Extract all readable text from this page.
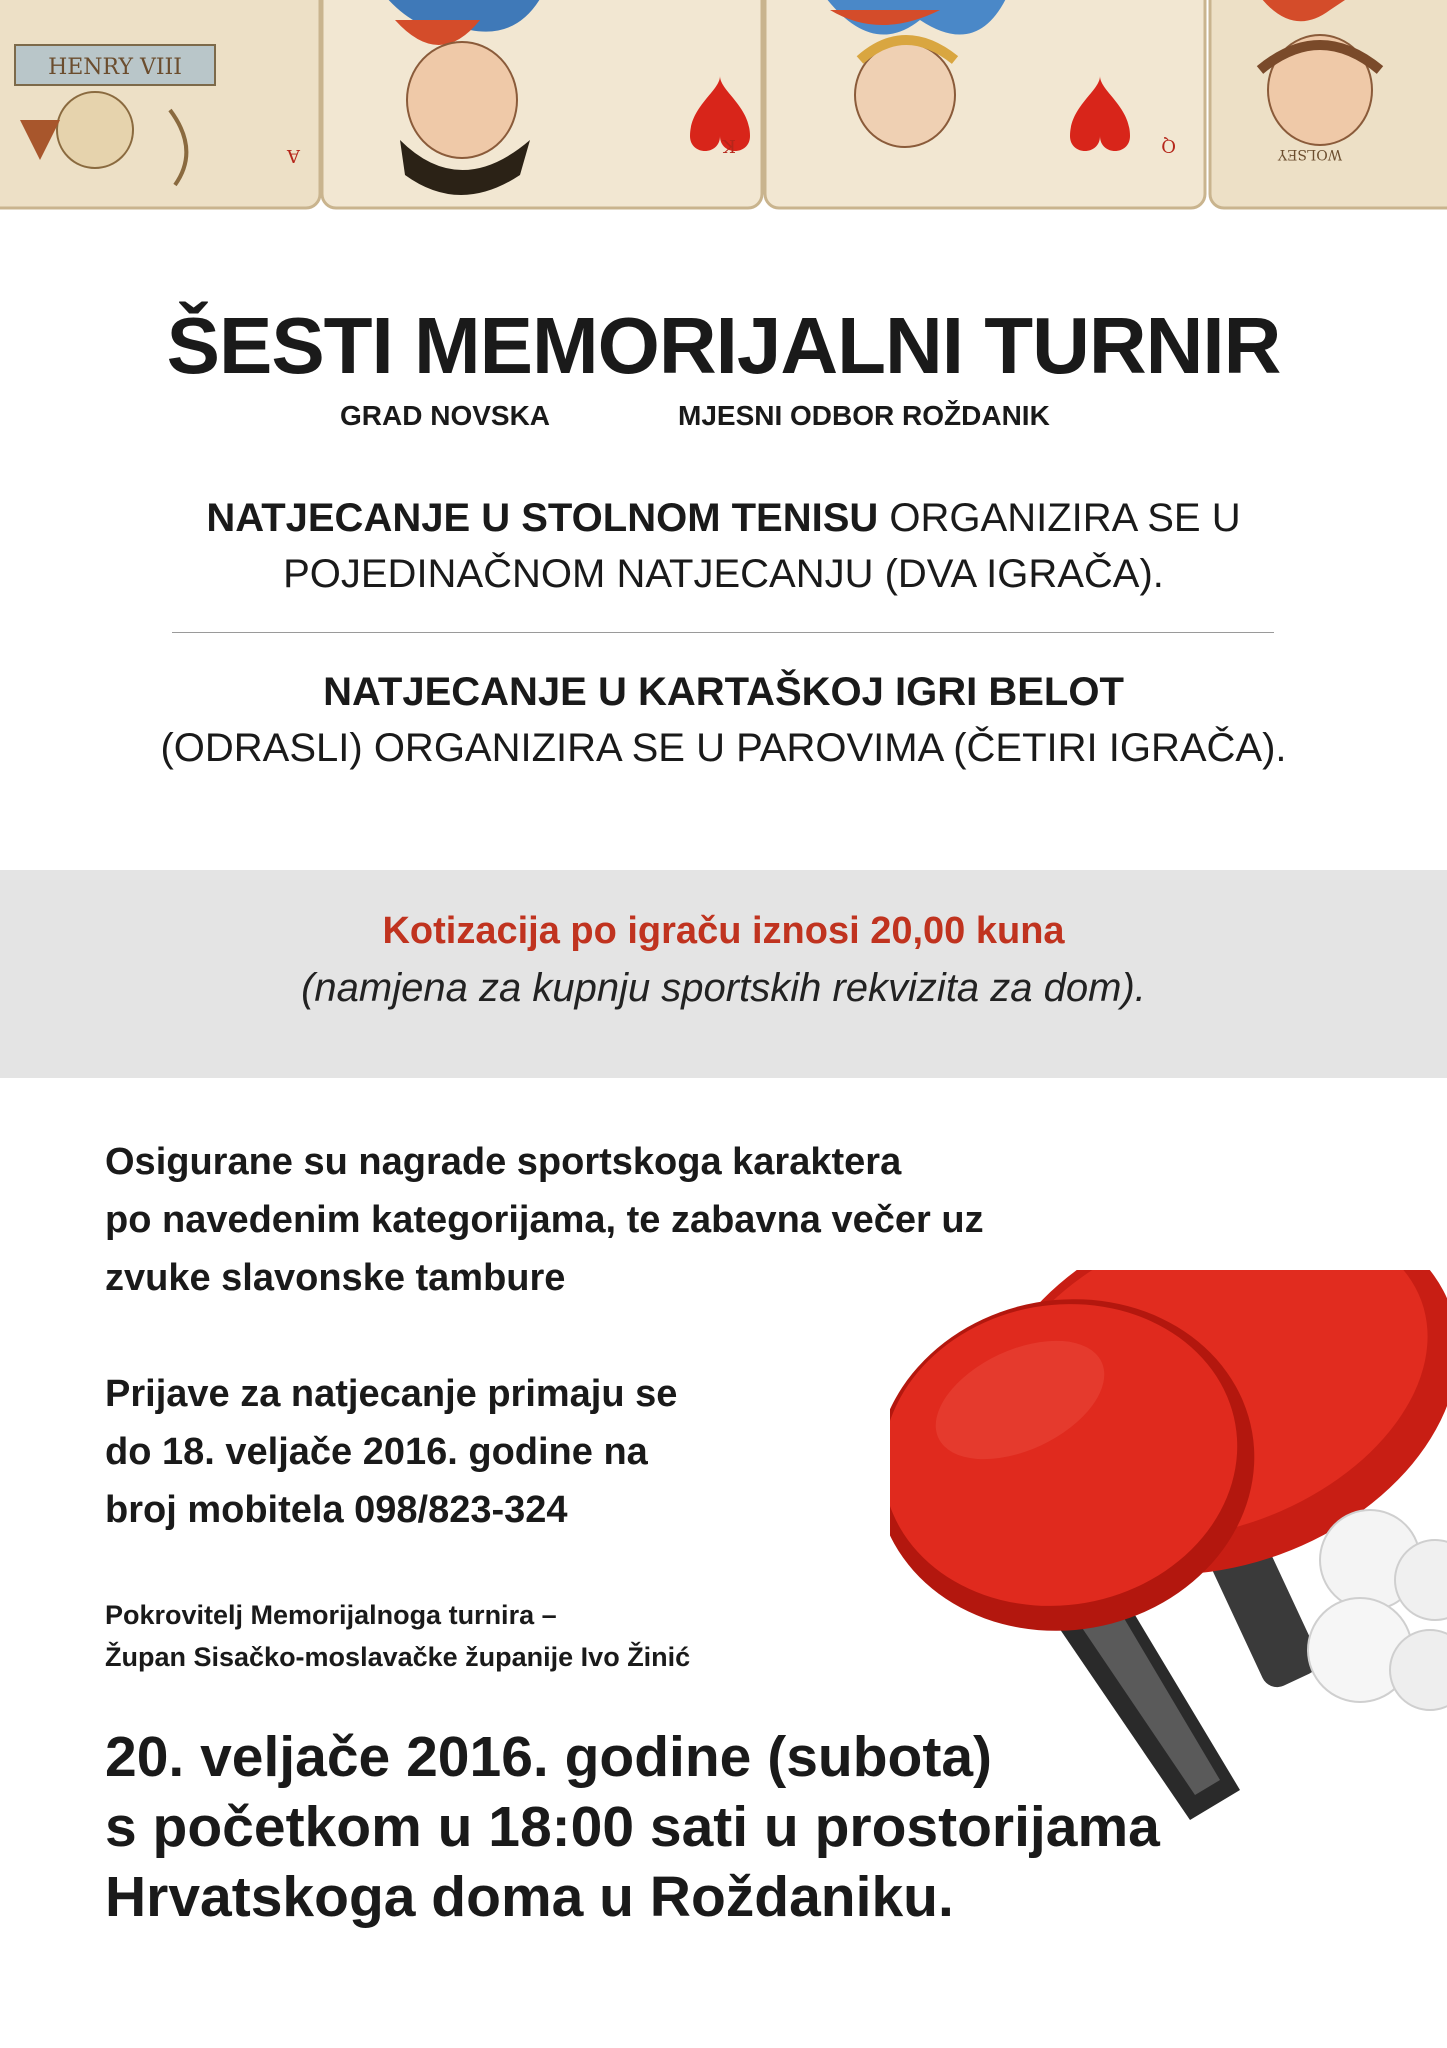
HENRY VIII
A	K	Q	WOLSEY
ŠESTI MEMORIJALNI TURNIR
GRAD NOVSKA	MJESNI ODBOR ROŽDANIK
NATJECANJE U STOLNOM TENISU ORGANIZIRA SE U
POJEDINAČNOM NATJECANJU (DVA IGRAČA).
NATJECANJE U KARTAŠKOJ IGRI BELOT
(ODRASLI) ORGANIZIRA SE U PAROVIMA (ČETIRI IGRAČA).
Kotizacija po igraču iznosi 20,00 kuna
(namjena za kupnju sportskih rekvizita za dom).
Osigurane su nagrade sportskoga karaktera
po navedenim kategorijama, te zabavna večer uz
zvuke slavonske tambure
Prijave za natjecanje primaju se
do 18. veljače 2016. godine na
broj mobitela 098/823-324
Pokrovitelj Memorijalnoga turnira –
Župan Sisačko-moslavačke županije Ivo Žinić
20. veljače 2016. godine (subota)
s početkom u 18:00 sati u prostorijama
Hrvatskoga doma u Roždaniku.
